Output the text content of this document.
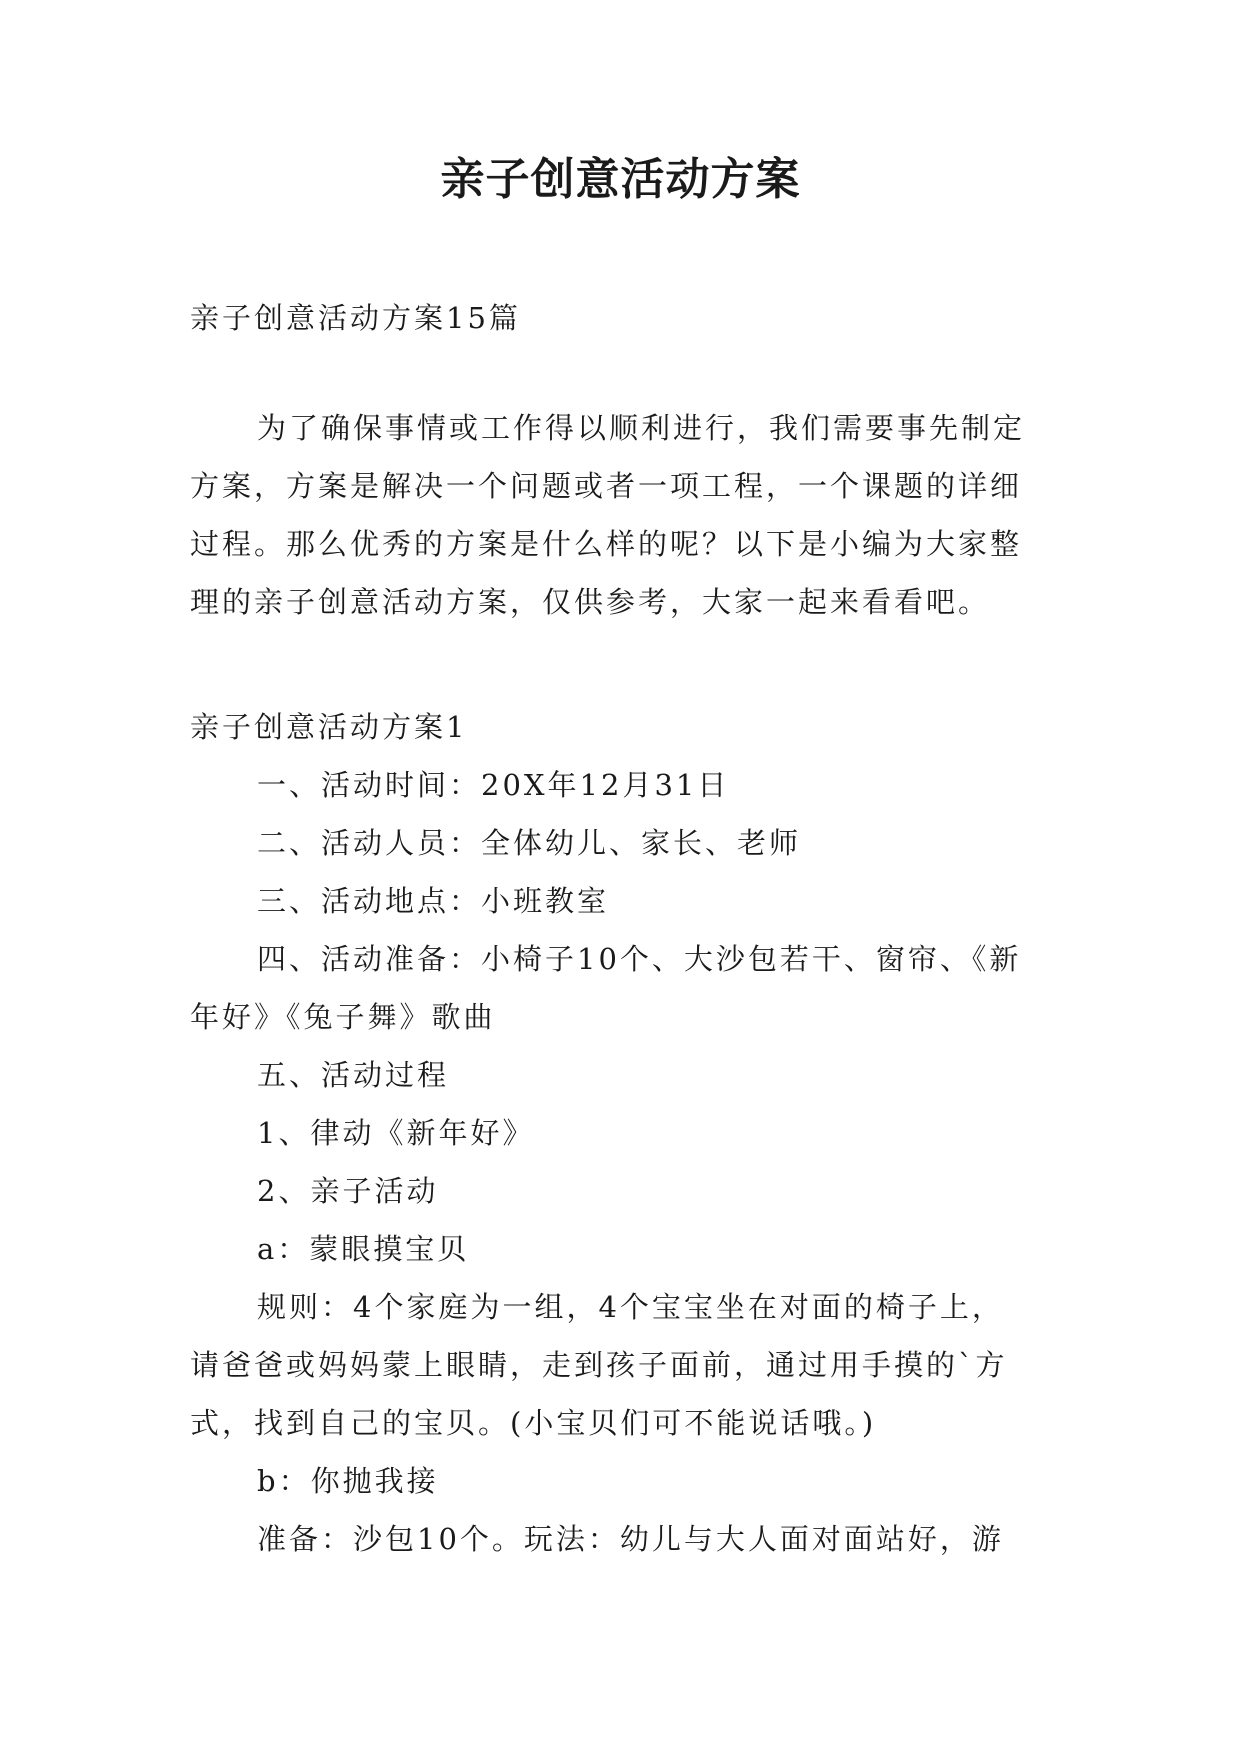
亲子创意活动方案
亲子创意活动方案15篇
为了确保事情或工作得以顺利进行，我们需要事先制定
方案，方案是解决一个问题或者一项工程，一个课题的详细
过程。那么优秀的方案是什么样的呢？以下是小编为大家整
理的亲子创意活动方案，仅供参考，大家一起来看看吧。
亲子创意活动方案1
一、活动时间：20X年12月31日
二、活动人员：全体幼儿、家长、老师
三、活动地点：小班教室
四、活动准备：小椅子10个、大沙包若干、窗帘、《新
年好》《兔子舞》歌曲
五、活动过程
1、律动《新年好》
2、亲子活动
a：蒙眼摸宝贝
规则：4个家庭为一组，4个宝宝坐在对面的椅子上，
请爸爸或妈妈蒙上眼睛，走到孩子面前，通过用手摸的`方
式，找到自己的宝贝。(小宝贝们可不能说话哦。)
b：你抛我接
准备：沙包10个。玩法：幼儿与大人面对面站好，游
